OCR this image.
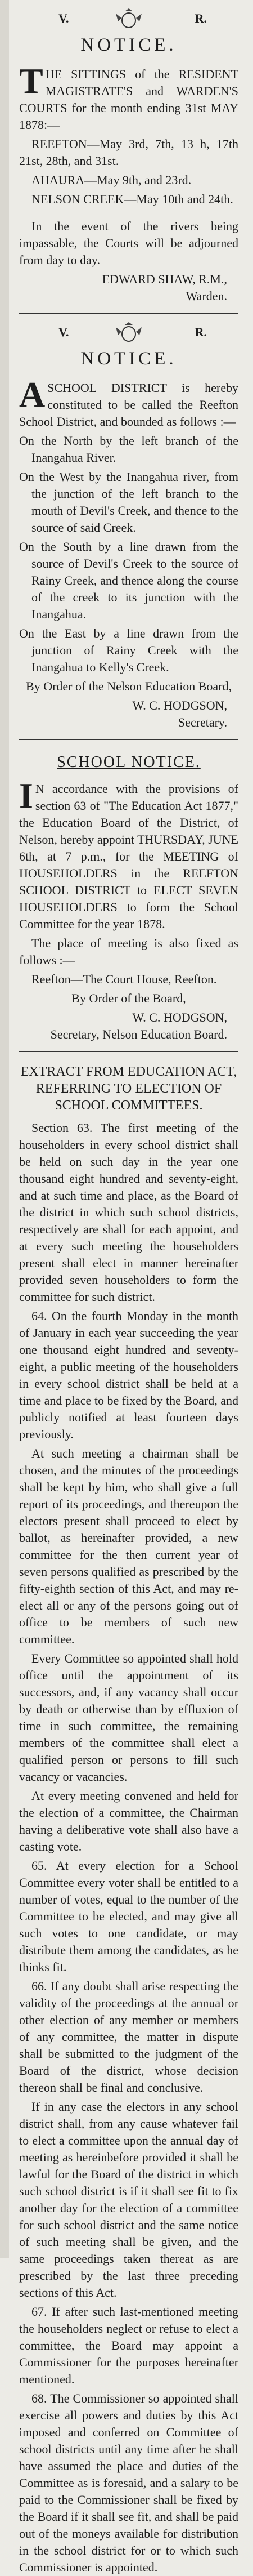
V.	R.
NOTICE.

THE SITTINGS of the RESIDENT MAGISTRATE'S and WARDEN'S COURTS for the month ending 31st MAY 1878:—

REEFTON—May 3rd, 7th, 13 h, 17th 21st, 28th, and 31st.

AHAURA—May 9th, and 23rd.

NELSON CREEK—May 10th and 24th.

In the event of the rivers being impassable, the Courts will be adjourned from day to day.

EDWARD SHAW, R.M.,

Warden.

V.	R.
NOTICE.

ASCHOOL DISTRICT is hereby constituted to be called the Reefton School District, and bounded as follows :—

On the North by the left branch of the Inangahua River.

On the West by the Inangahua river, from the junction of the left branch to the mouth of Devil's Creek, and thence to the source of said Creek.

On the South by a line drawn from the source of Devil's Creek to the source of Rainy Creek, and thence along the course of the creek to its junction with the Inangahua.

On the East by a line drawn from the junction of Rainy Creek with the Inangahua to Kelly's Creek.

By Order of the Nelson Education Board,

W. C. HODGSON,

Secretary.

SCHOOL NOTICE.

IN accordance with the provisions of section 63 of "The Education Act 1877," the Education Board of the District, of Nelson, hereby appoint THURSDAY, JUNE 6th, at 7 p.m., for the MEETING of HOUSEHOLDERS in the REEFTON SCHOOL DISTRICT to ELECT SEVEN HOUSEHOLDERS to form the School Committee for the year 1878.

The place of meeting is also fixed as follows :—

Reefton—The Court House, Reefton.

By Order of the Board,

W. C. HODGSON,

Secretary, Nelson Education Board.

EXTRACT FROM EDUCATION ACT, REFERRING TO ELECTION OF SCHOOL COMMITTEES.

Section 63. The first meeting of the householders in every school district shall be held on such day in the year one thousand eight hundred and seventy-eight, and at such time and place, as the Board of the district in which such school districts, respectively are shall for each appoint, and at every such meeting the householders present shall elect in manner hereinafter provided seven householders to form the committee for such district.

64. On the fourth Monday in the month of January in each year succeeding the year one thousand eight hundred and seventy-eight, a public meeting of the householders in every school district shall be held at a time and place to be fixed by the Board, and publicly notified at least fourteen days previously.

At such meeting a chairman shall be chosen, and the minutes of the proceedings shall be kept by him, who shall give a full report of its proceedings, and thereupon the electors present shall proceed to elect by ballot, as hereinafter provided, a new committee for the then current year of seven persons qualified as prescribed by the fifty-eighth section of this Act, and may re-elect all or any of the persons going out of office to be members of such new committee.

Every Committee so appointed shall hold office until the appointment of its successors, and, if any vacancy shall occur by death or otherwise than by effluxion of time in such committee, the remaining members of the committee shall elect a qualified person or persons to fill such vacancy or vacancies.

At every meeting convened and held for the election of a committee, the Chairman having a deliberative vote shall also have a casting vote.

65. At every election for a School Committee every voter shall be entitled to a number of votes, equal to the number of the Committee to be elected, and may give all such votes to one candidate, or may distribute them among the candidates, as he thinks fit.

66. If any doubt shall arise respecting the validity of the proceedings at the annual or other election of any member or members of any committee, the matter in dispute shall be submitted to the judgment of the Board of the district, whose decision thereon shall be final and conclusive.

If in any case the electors in any school district shall, from any cause whatever fail to elect a committee upon the annual day of meeting as hereinbefore provided it shall be lawful for the Board of the district in which such school district is if it shall see fit to fix another day for the election of a committee for such school district and the same notice of such meeting shall be given, and the same proceedings taken thereat as are prescribed by the last three preceding sections of this Act.

67. If after such last-mentioned meeting the householders neglect or refuse to elect a committee, the Board may appoint a Commissioner for the purposes hereinafter mentioned.

68. The Commissioner so appointed shall exercise all powers and duties by this Act imposed and conferred on Committee of school districts until any time after he shall have assumed the place and duties of the Committee as is foresaid, and a salary to be paid to the Commissioner shall be fixed by the Board if it shall see fit, and shall be paid out of the moneys available for distribution in the school district for or to which such Commissioner is appointed.
